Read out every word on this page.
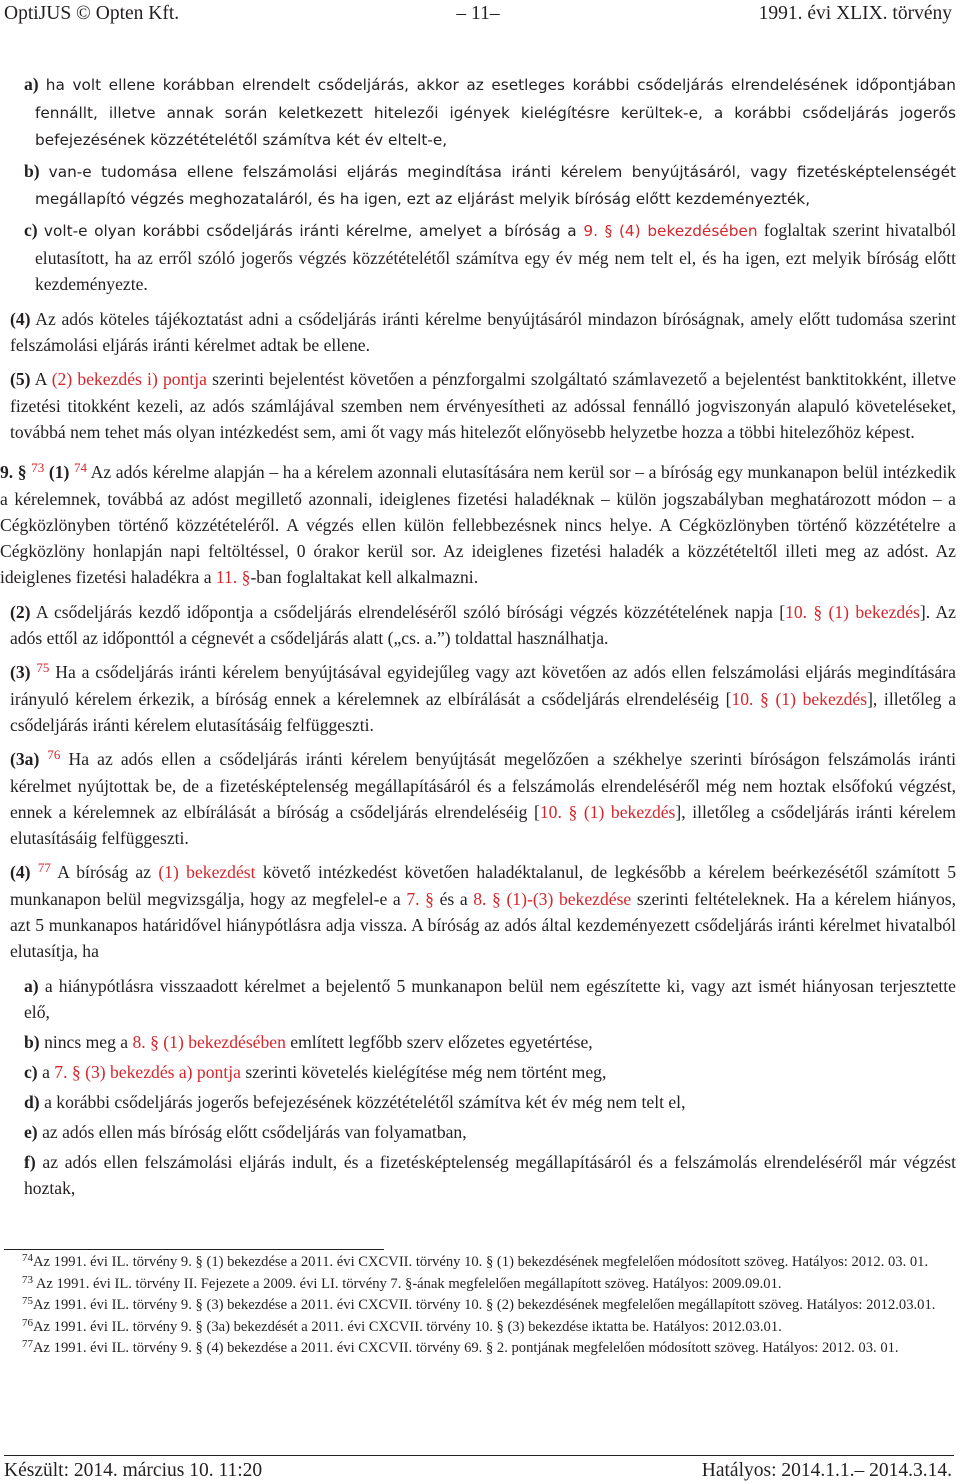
OptiJUS © Opten Kft.	– 11–	1991. évi XLIX. törvény

a) ha volt ellene korábban elrendelt csődeljárás, akkor az esetleges korábbi csődeljárás elrendelésének időpontjában fennállt, illetve annak során keletkezett hitelezői igények kielégítésre kerültek-e, a korábbi csődeljárás jogerős befejezésének közzétételétől számítva két év eltelt-e,

b) van-e tudomása ellene felszámolási eljárás megindítása iránti kérelem benyújtásáról, vagy fizetésképtelenségét megállapító végzés meghozataláról, és ha igen, ezt az eljárást melyik bíróság előtt kezdeményezték,

c) volt-e olyan korábbi csődeljárás iránti kérelme, amelyet a bíróság a 9. § (4) bekezdésében foglaltak szerint hivatalból elutasított, ha az erről szóló jogerős végzés közzétételétől számítva egy év még nem telt el, és ha igen, ezt melyik bíróság előtt kezdeményezte.

(4) Az adós köteles tájékoztatást adni a csődeljárás iránti kérelme benyújtásáról mindazon bíróságnak, amely előtt tudomása szerint felszámolási eljárás iránti kérelmet adtak be ellene.

(5) A (2) bekezdés i) pontja szerinti bejelentést követően a pénzforgalmi szolgáltató számlavezető a bejelentést banktitokként, illetve fizetési titokként kezeli, az adós számlájával szemben nem érvényesítheti az adóssal fennálló jogviszonyán alapuló követeléseket, továbbá nem tehet más olyan intézkedést sem, ami őt vagy más hitelezőt előnyösebb helyzetbe hozza a többi hitelezőhöz képest.

9. § $^{73}$ (1) $^{74}$ Az adós kérelme alapján – ha a kérelem azonnali elutasítására nem kerül sor – a bíróság egy munkanapon belül intézkedik a kérelemnek, továbbá az adóst megillető azonnali, ideiglenes fizetési haladéknak – külön jogszabályban meghatározott módon – a Cégközlönyben történő közzétételéről. A végzés ellen külön fellebbezésnek nincs helye. A Cégközlönyben történő közzétételre a Cégközlöny honlapján napi feltöltéssel, 0 órakor kerül sor. Az ideiglenes fizetési haladék a közzétételtől illeti meg az adóst. Az ideiglenes fizetési haladékra a 11. §-ban foglaltakat kell alkalmazni.

(2) A csődeljárás kezdő időpontja a csődeljárás elrendeléséről szóló bírósági végzés közzétételének napja [10. § (1) bekezdés]. Az adós ettől az időponttól a cégnevét a csődeljárás alatt („cs. a.”) toldattal használhatja.

(3) $^{75}$ Ha a csődeljárás iránti kérelem benyújtásával egyidejűleg vagy azt követően az adós ellen felszámolási eljárás megindítására irányuló kérelem érkezik, a bíróság ennek a kérelemnek az elbírálását a csődeljárás elrendeléséig [10. § (1) bekezdés], illetőleg a csődeljárás iránti kérelem elutasításáig felfüggeszti.

(3a) $^{76}$ Ha az adós ellen a csődeljárás iránti kérelem benyújtását megelőzően a székhelye szerinti bíróságon felszámolás iránti kérelmet nyújtottak be, de a fizetésképtelenség megállapításáról és a felszámolás elrendeléséről még nem hoztak elsőfokú végzést, ennek a kérelemnek az elbírálását a bíróság a csődeljárás elrendeléséig [10. § (1) bekezdés], illetőleg a csődeljárás iránti kérelem elutasításáig felfüggeszti.

(4) $^{77}$ A bíróság az (1) bekezdést követő intézkedést követően haladéktalanul, de legkésőbb a kérelem beérkezésétől számított 5 munkanapon belül megvizsgálja, hogy az megfelel-e a 7. § és a 8. § (1)-(3) bekezdése szerinti feltételeknek. Ha a kérelem hiányos, azt 5 munkanapos határidővel hiánypótlásra adja vissza. A bíróság az adós által kezdeményezett csődeljárás iránti kérelmet hivatalból elutasítja, ha

a) a hiánypótlásra visszaadott kérelmet a bejelentő 5 munkanapon belül nem egészítette ki, vagy azt ismét hiányosan terjesztette elő,

b) nincs meg a 8. § (1) bekezdésében említett legfőbb szerv előzetes egyetértése,

c) a 7. § (3) bekezdés a) pontja szerinti követelés kielégítése még nem történt meg,

d) a korábbi csődeljárás jogerős befejezésének közzétételétől számítva két év még nem telt el,

e) az adós ellen más bíróság előtt csődeljárás van folyamatban,

f) az adós ellen felszámolási eljárás indult, és a fizetésképtelenség megállapításáról és a felszámolás elrendeléséről már végzést hoztak,

$^{74}$Az 1991. évi IL. törvény 9. § (1) bekezdése a 2011. évi CXCVII. törvény 10. § (1) bekezdésének megfelelően módosított szöveg. Hatályos: 2012. 03. 01.

$^{73}$ Az 1991. évi IL. törvény II. Fejezete a 2009. évi LI. törvény 7. §-ának megfelelően megállapított szöveg. Hatályos: 2009.09.01.

$^{75}$Az 1991. évi IL. törvény 9. § (3) bekezdése a 2011. évi CXCVII. törvény 10. § (2) bekezdésének megfelelően megállapított szöveg. Hatályos: 2012.03.01.

$^{76}$Az 1991. évi IL. törvény 9. § (3a) bekezdését a 2011. évi CXCVII. törvény 10. § (3) bekezdése iktatta be. Hatályos: 2012.03.01.

$^{77}$Az 1991. évi IL. törvény 9. § (4) bekezdése a 2011. évi CXCVII. törvény 69. § 2. pontjának megfelelően módosított szöveg. Hatályos: 2012. 03. 01.

Készült: 2014. március 10. 11:20	Hatályos: 2014.1.1.– 2014.3.14.
